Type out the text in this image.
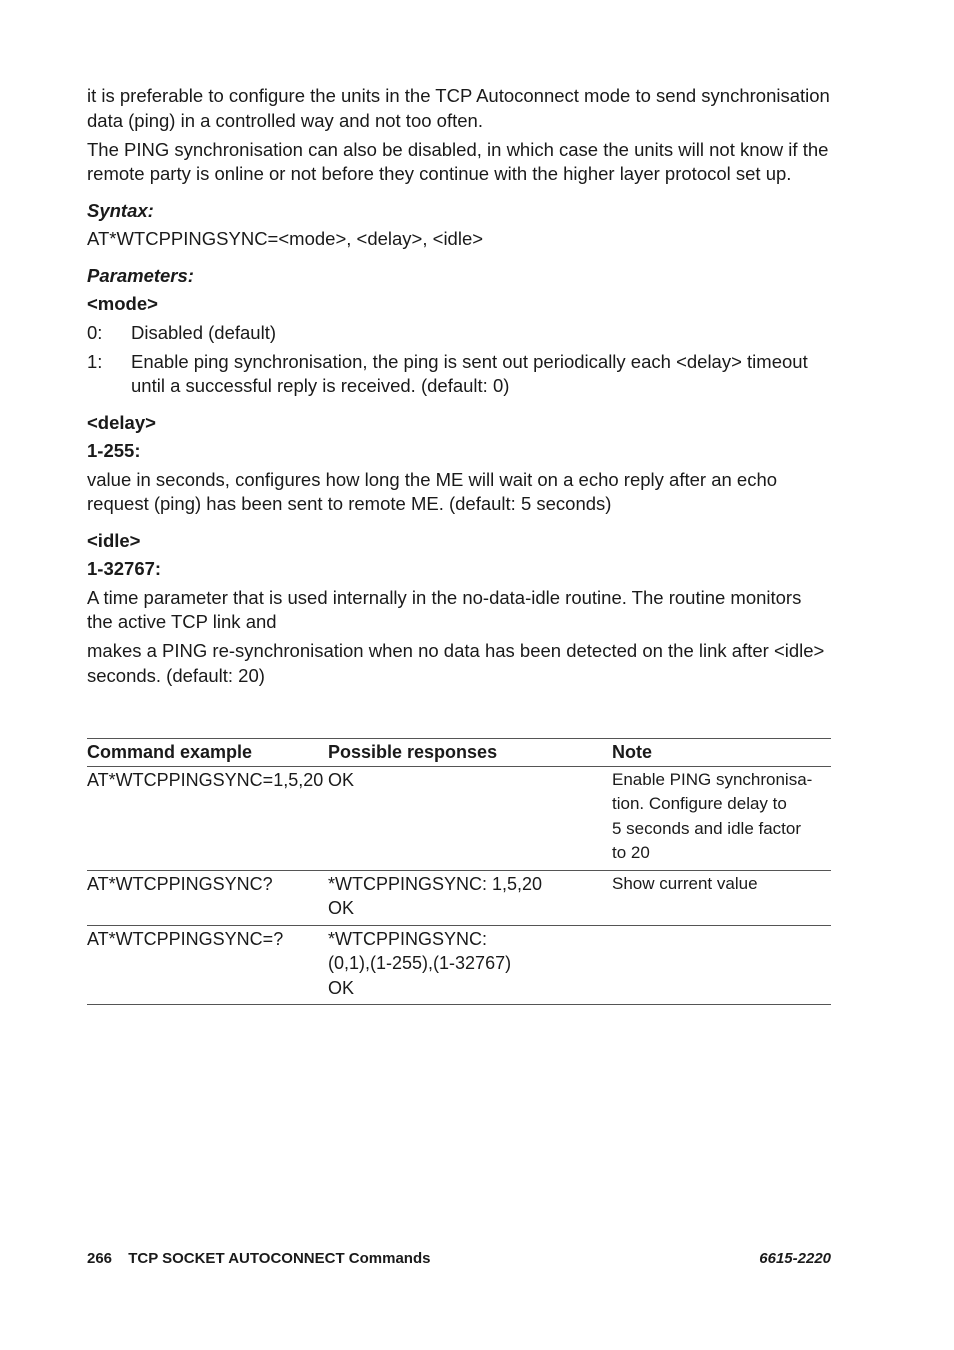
it is preferable to configure the units in the TCP Autoconnect mode to send synchronisation data (ping) in a controlled way and not too often.

The PING synchronisation can also be disabled, in which case the units will not know if the remote party is online or not before they continue with the higher layer protocol set up.

Syntax:

AT*WTCPPINGSYNC=<mode>, <delay>, <idle>

Parameters:
<mode>
0:	Disabled (default)
1:	Enable ping synchronisation, the ping is sent out periodically each <delay> timeout until a successful reply is received. (default: 0)
<delay>
1-255:

value in seconds, configures how long the ME will wait on a echo reply after an echo request (ping) has been sent to remote ME. (default: 5 seconds)

<idle>
1-32767:

A time parameter that is used internally in the no-data-idle routine. The routine monitors the active TCP link and

makes a PING re-synchronisation when no data has been detected on the link after <idle> seconds. (default: 20)

Command example	Possible responses	Note
AT*WTCPPINGSYNC=1,5,20	OK	Enable PING synchronisa-
tion. Configure delay to
5 seconds and idle factor
to 20

AT*WTCPPINGSYNC?	*WTCPPINGSYNC: 1,5,20
OK	Show current value

AT*WTCPPINGSYNC=?	*WTCPPINGSYNC:
(0,1),(1-255),(1-32767)
OK	

266 TCP SOCKET AUTOCONNECT Commands	6615-2220
